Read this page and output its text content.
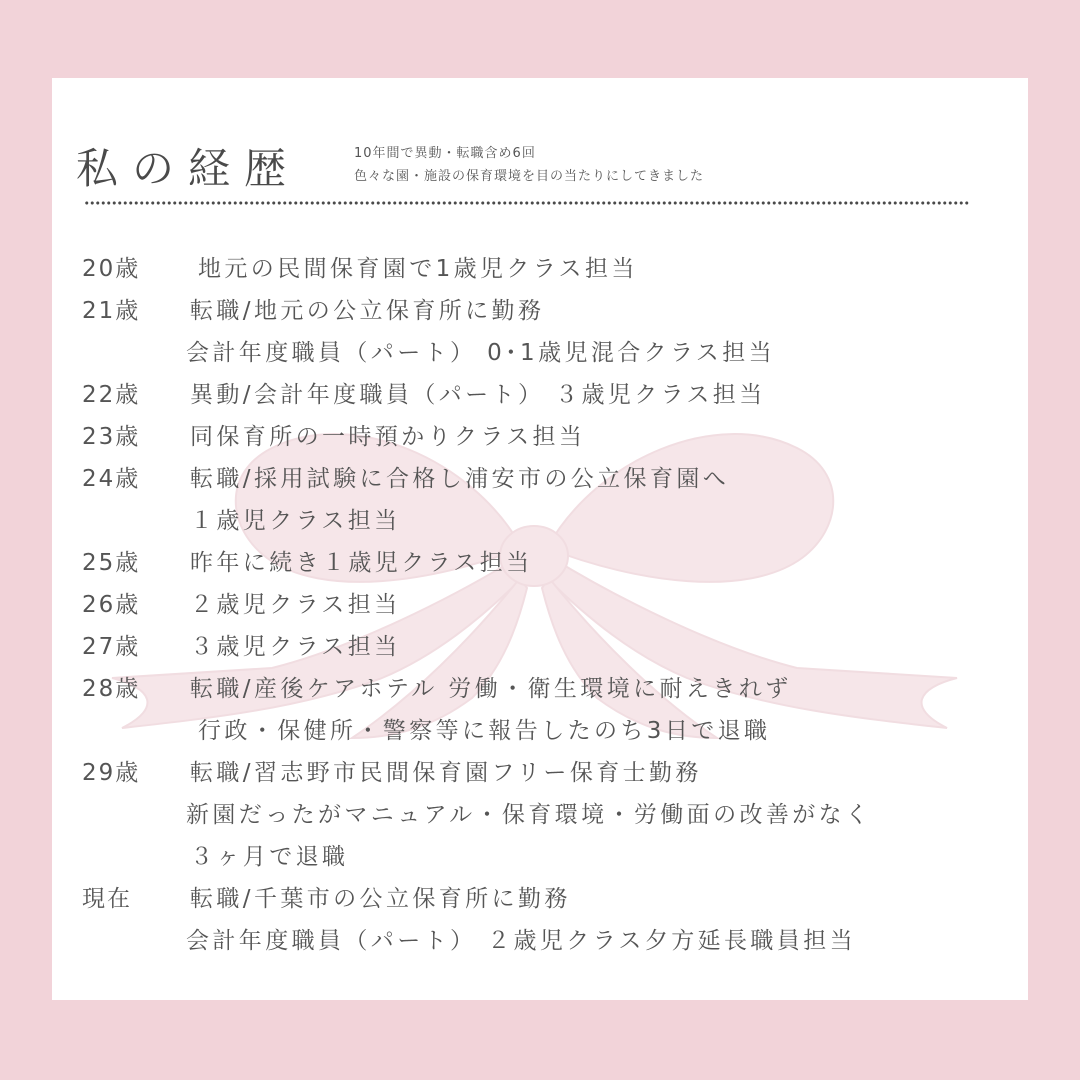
私の経歴	10年間で異動・転職含め6回
色々な園・施設の保育環境を目の当たりにしてきました
20歳	地元の民間保育園で1歳児クラス担当
21歳 転職/地元の公立保育所に勤務
会計年度職員（パート） 0･1歳児混合クラス担当
22歳 異動/会計年度職員（パート） ３歳児クラス担当
23歳 同保育所の一時預かりクラス担当
24歳 転職/採用試験に合格し浦安市の公立保育園へ
１歳児クラス担当
25歳 昨年に続き１歳児クラス担当
26歳 ２歳児クラス担当
27歳 ３歳児クラス担当
28歳 転職/産後ケアホテル 労働・衛生環境に耐えきれず
行政・保健所・警察等に報告したのち3日で退職
29歳 転職/習志野市民間保育園フリー保育士勤務
新園だったがマニュアル・保育環境・労働面の改善がなく
３ヶ月で退職
現在	転職/千葉市の公立保育所に勤務
会計年度職員（パート） ２歳児クラス夕方延長職員担当
